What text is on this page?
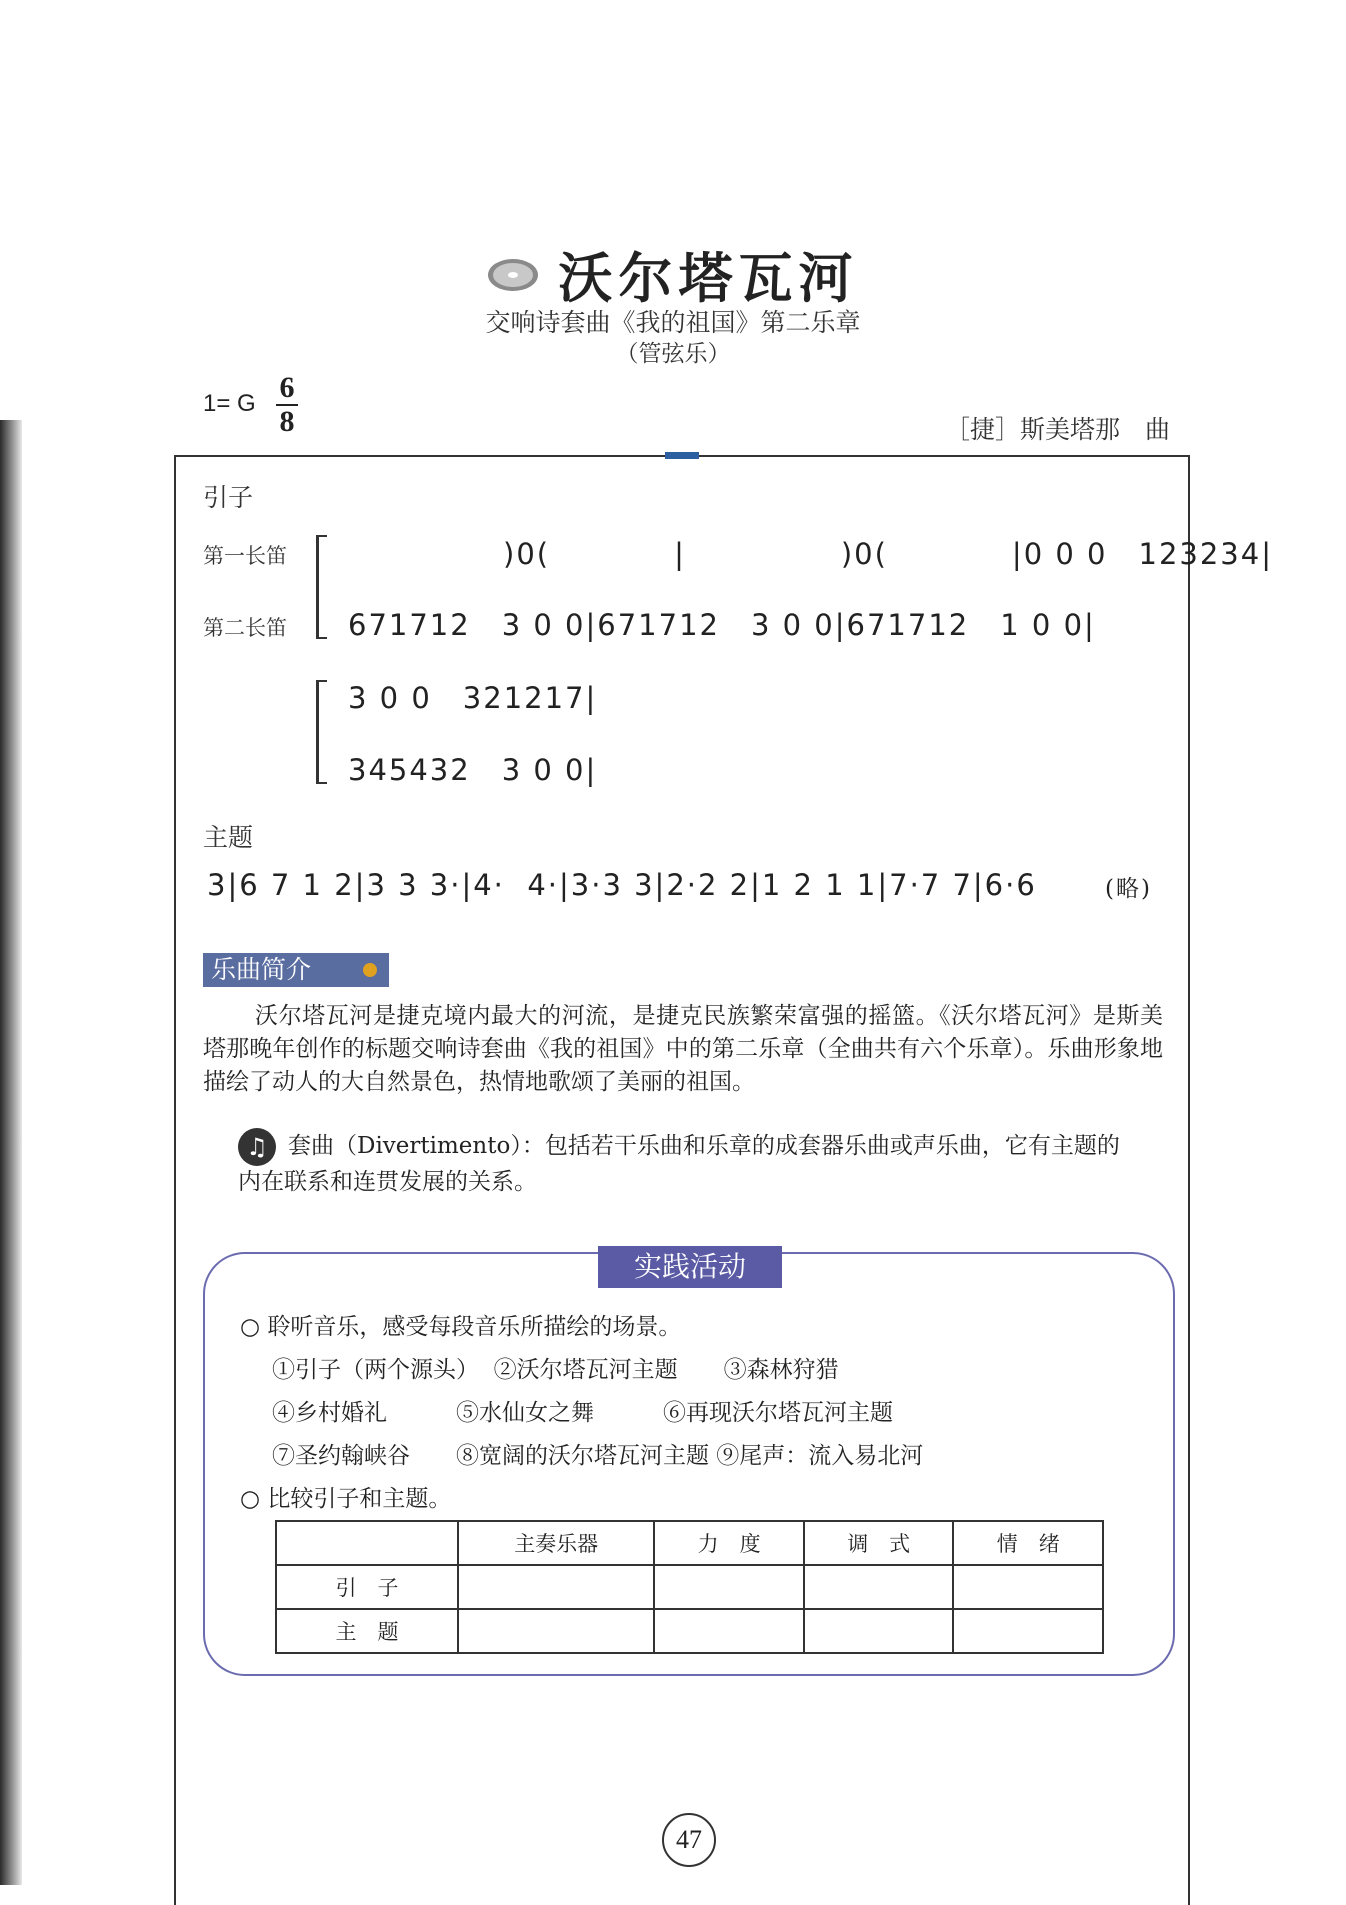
沃尔塔瓦河
交响诗套曲《我的祖国》第二乐章
（管弦乐）
1= G 6
8	［捷］斯美塔那　曲
引子
第一长笛
第二长笛
　　　　　)0(　　　　|　　　　　)0(　　　　|0 0 0　123234|
671712　3 0 0|671712　3 0 0|671712　1 0 0|
3 0 0　321217|
345432　3 0 0|
主题
3|6 7 1 2|3 3 3·|4·  4·|3·3 3|2·2 2|1 2 1 1|7·7 7|6·6	(略)
乐曲简介
沃尔塔瓦河是捷克境内最大的河流，是捷克民族繁荣富强的摇篮。《沃尔塔瓦河》是斯美塔那晚年创作的标题交响诗套曲《我的祖国》中的第二乐章（全曲共有六个乐章）。乐曲形象地描绘了动人的大自然景色，热情地歌颂了美丽的祖国。
套曲（Divertimento）：包括若干乐曲和乐章的成套器乐曲或声乐曲，它有主题的内在联系和连贯发展的关系。
♫
实践活动
○ 聆听音乐，感受每段音乐所描绘的场景。
①引子（两个源头）  ②沃尔塔瓦河主题　　③森林狩猎
④乡村婚礼　　　⑤水仙女之舞　　　⑥再现沃尔塔瓦河主题
⑦圣约翰峡谷　　⑧宽阔的沃尔塔瓦河主题 ⑨尾声：流入易北河
○ 比较引子和主题。
	主奏乐器	力　度	调　式	情　绪
引　子				
主　题				
47
